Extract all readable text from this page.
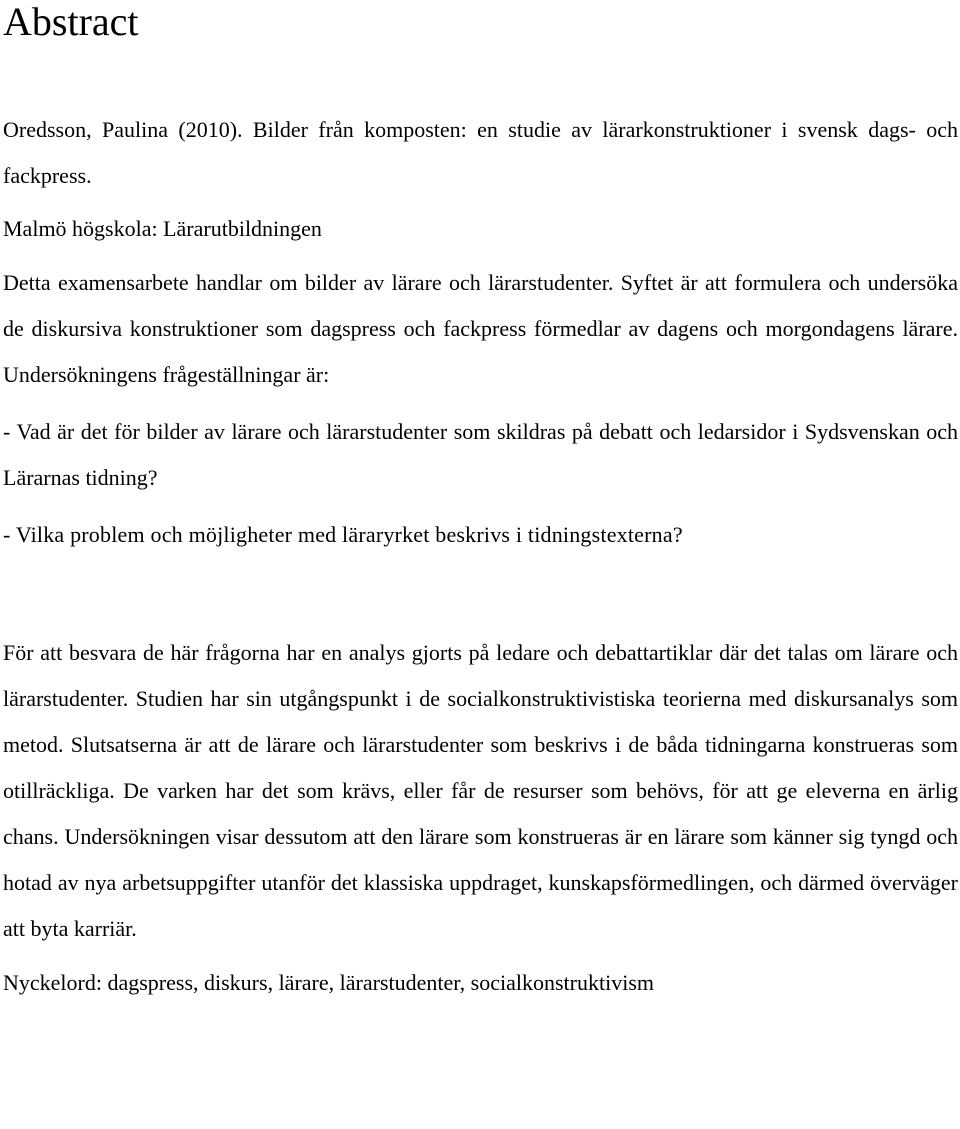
Abstract

Oredsson, Paulina (2010). Bilder från komposten: en studie av lärarkonstruktioner i svensk dags- och fackpress.

Malmö högskola: Lärarutbildningen

Detta examensarbete handlar om bilder av lärare och lärarstudenter. Syftet är att formulera och undersöka de diskursiva konstruktioner som dagspress och fackpress förmedlar av dagens och morgondagens lärare. Undersökningens frågeställningar är:

- Vad är det för bilder av lärare och lärarstudenter som skildras på debatt och ledarsidor i Sydsvenskan och Lärarnas tidning?

- Vilka problem och möjligheter med läraryrket beskrivs i tidningstexterna?

För att besvara de här frågorna har en analys gjorts på ledare och debattartiklar där det talas om lärare och lärarstudenter. Studien har sin utgångspunkt i de socialkonstruktivistiska teorierna med diskursanalys som metod. Slutsatserna är att de lärare och lärarstudenter som beskrivs i de båda tidningarna konstrueras som otillräckliga. De varken har det som krävs, eller får de resurser som behövs, för att ge eleverna en ärlig chans. Undersökningen visar dessutom att den lärare som konstrueras är en lärare som känner sig tyngd och hotad av nya arbetsuppgifter utanför det klassiska uppdraget, kunskapsförmedlingen, och därmed överväger att byta karriär.

Nyckelord: dagspress, diskurs, lärare, lärarstudenter, socialkonstruktivism
